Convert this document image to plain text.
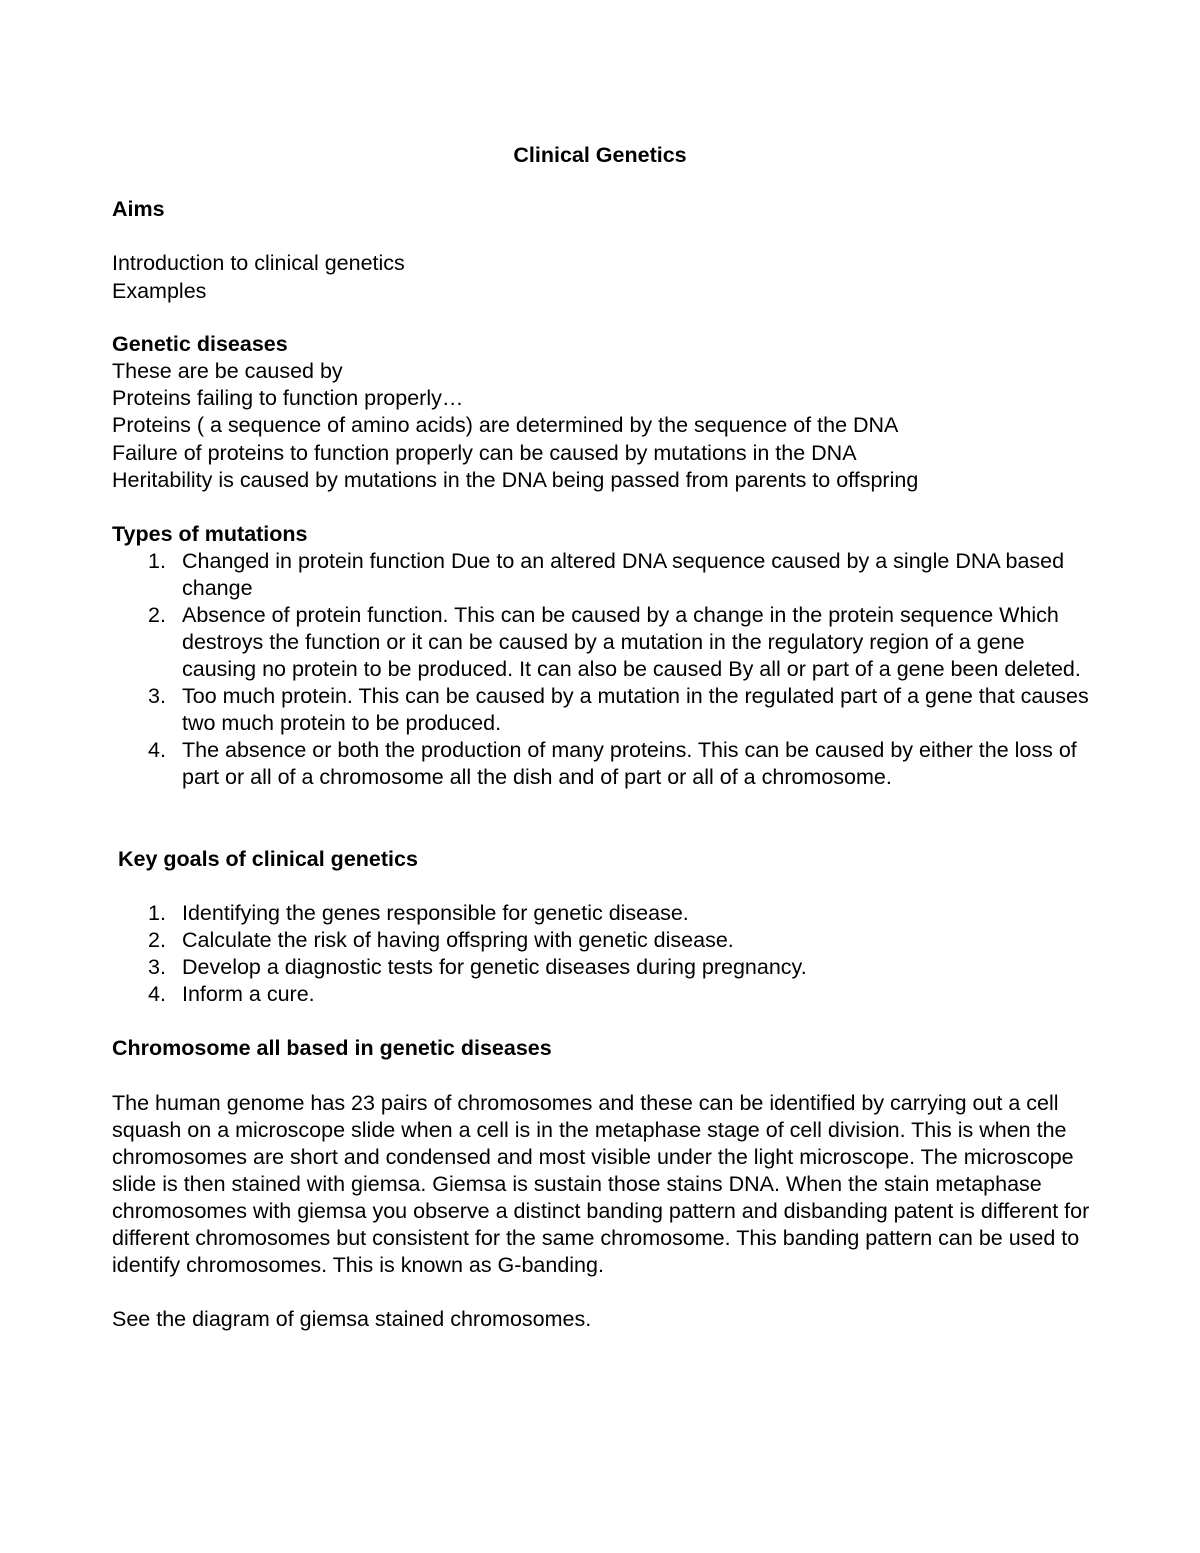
Clinical Genetics
Aims

Introduction to clinical genetics

Examples

Genetic diseases

These are be caused by

Proteins failing to function properly…

Proteins ( a sequence of amino acids) are determined by the sequence of the DNA

Failure of proteins to function properly can be caused by mutations in the DNA

Heritability is caused by mutations in the DNA being passed from parents to offspring

Types of mutations
1. Changed in protein function Due to an altered DNA sequence caused by a single DNA based change
2. Absence of protein function. This can be caused by a change in the protein sequence Which destroys the function or it can be caused by a mutation in the regulatory region of a gene causing no protein to be produced. It can also be caused By all or part of a gene been deleted.
3. Too much protein. This can be caused by a mutation in the regulated part of a gene that causes two much protein to be produced.
4. The absence or both the production of many proteins. This can be caused by either the loss of part or all of a chromosome all the dish and of part or all of a chromosome.
Key goals of clinical genetics
1. Identifying the genes responsible for genetic disease.
2. Calculate the risk of having offspring with genetic disease.
3. Develop a diagnostic tests for genetic diseases during pregnancy.
4. Inform a cure.
Chromosome all based in genetic diseases

The human genome has 23 pairs of chromosomes and these can be identified by carrying out a cell squash on a microscope slide when a cell is in the metaphase stage of cell division. This is when the chromosomes are short and condensed and most visible under the light microscope. The microscope slide is then stained with giemsa. Giemsa is sustain those stains DNA. When the stain metaphase chromosomes with giemsa you observe a distinct banding pattern and disbanding patent is different for different chromosomes but consistent for the same chromosome. This banding pattern can be used to identify chromosomes. This is known as G-banding.

See the diagram of giemsa stained chromosomes.
